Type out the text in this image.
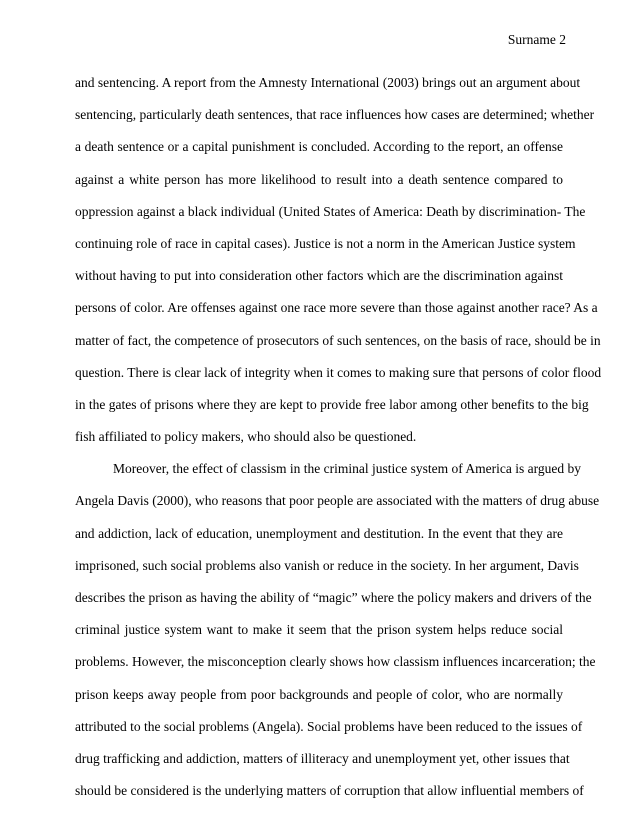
Surname 2
and sentencing. A report from the Amnesty International (2003) brings out an argument about
sentencing, particularly death sentences, that race influences how cases are determined; whether
a death sentence or a capital punishment is concluded. According to the report, an offense
against a white person has more likelihood to result into a death sentence compared to
oppression against a black individual (United States of America: Death by discrimination- The
continuing role of race in capital cases). Justice is not a norm in the American Justice system
without having to put into consideration other factors which are the discrimination against
persons of color. Are offenses against one race more severe than those against another race? As a
matter of fact, the competence of prosecutors of such sentences, on the basis of race, should be in
question. There is clear lack of integrity when it comes to making sure that persons of color flood
in the gates of prisons where they are kept to provide free labor among other benefits to the big
fish affiliated to policy makers, who should also be questioned.
Moreover, the effect of classism in the criminal justice system of America is argued by
Angela Davis (2000), who reasons that poor people are associated with the matters of drug abuse
and addiction, lack of education, unemployment and destitution. In the event that they are
imprisoned, such social problems also vanish or reduce in the society. In her argument, Davis
describes the prison as having the ability of “magic” where the policy makers and drivers of the
criminal justice system want to make it seem that the prison system helps reduce social
problems. However, the misconception clearly shows how classism influences incarceration; the
prison keeps away people from poor backgrounds and people of color, who are normally
attributed to the social problems (Angela). Social problems have been reduced to the issues of
drug trafficking and addiction, matters of illiteracy and unemployment yet, other issues that
should be considered is the underlying matters of corruption that allow influential members of
